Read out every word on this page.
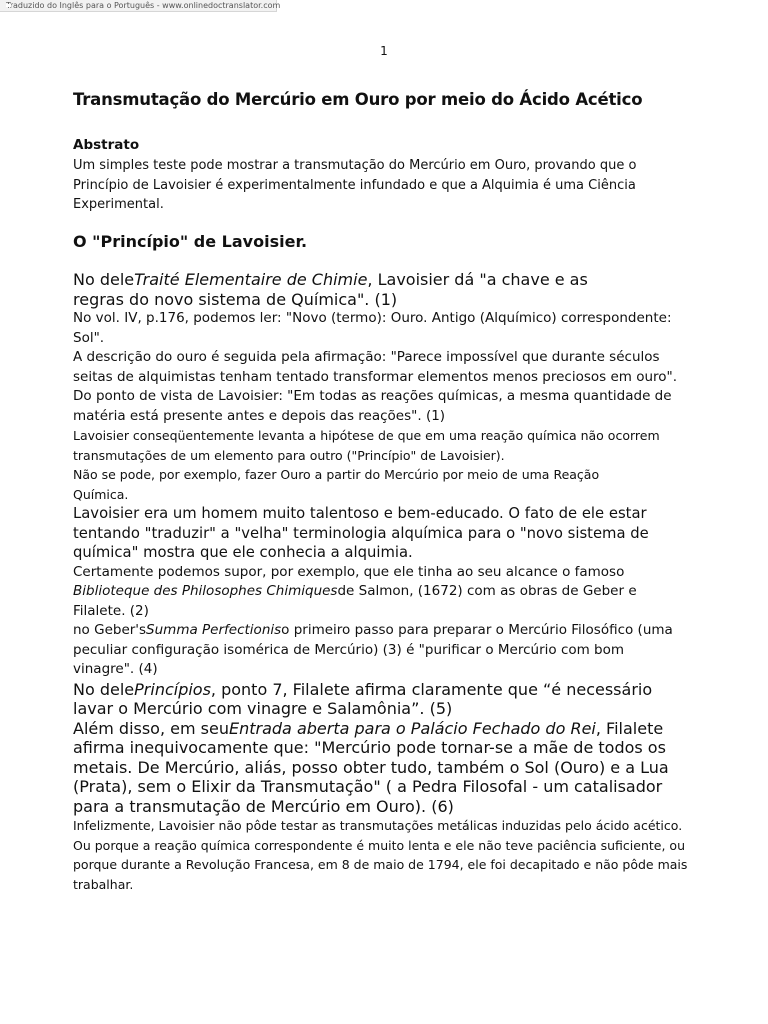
Traduzido do Inglês para o Português - www.onlinedoctranslator.com
1
Transmutação do Mercúrio em Ouro por meio do Ácido Acético
Abstrato

Um simples teste pode mostrar a transmutação do Mercúrio em Ouro, provando que o Princípio de Lavoisier é experimentalmente infundado e que a Alquimia é uma Ciência Experimental.

O "Princípio" de Lavoisier.

No deleTraité Elementaire de Chimie, Lavoisier dá "a chave e as regras do novo sistema de Química". (1)

No vol. IV, p.176, podemos ler: "Novo (termo): Ouro. Antigo (Alquímico) correspondente: Sol".

A descrição do ouro é seguida pela afirmação: "Parece impossível que durante séculos seitas de alquimistas tenham tentado transformar elementos menos preciosos em ouro". Do ponto de vista de Lavoisier: "Em todas as reações químicas, a mesma quantidade de matéria está presente antes e depois das reações". (1)

Lavoisier conseqüentemente levanta a hipótese de que em uma reação química não ocorrem transmutações de um elemento para outro ("Princípio" de Lavoisier).

Não se pode, por exemplo, fazer Ouro a partir do Mercúrio por meio de uma Reação Química.

Lavoisier era um homem muito talentoso e bem-educado. O fato de ele estar tentando "traduzir" a "velha" terminologia alquímica para o "novo sistema de química" mostra que ele conhecia a alquimia.

Certamente podemos supor, por exemplo, que ele tinha ao seu alcance o famoso Biblioteque des Philosophes Chimiquesde Salmon, (1672) com as obras de Geber e Filalete. (2)

no Geber'sSumma Perfectioniso primeiro passo para preparar o Mercúrio Filosófico (uma peculiar configuração isomérica de Mercúrio) (3) é "purificar o Mercúrio com bom vinagre". (4)

No delePrincípios, ponto 7, Filalete afirma claramente que “é necessário lavar o Mercúrio com vinagre e Salamônia”. (5)

Além disso, em seuEntrada aberta para o Palácio Fechado do Rei, Filalete afirma inequivocamente que: "Mercúrio pode tornar-se a mãe de todos os metais. De Mercúrio, aliás, posso obter tudo, também o Sol (Ouro) e a Lua (Prata), sem o Elixir da Transmutação" ( a Pedra Filosofal - um catalisador para a transmutação de Mercúrio em Ouro). (6)

Infelizmente, Lavoisier não pôde testar as transmutações metálicas induzidas pelo ácido acético. Ou porque a reação química correspondente é muito lenta e ele não teve paciência suficiente, ou porque durante a Revolução Francesa, em 8 de maio de 1794, ele foi decapitado e não pôde mais trabalhar.
